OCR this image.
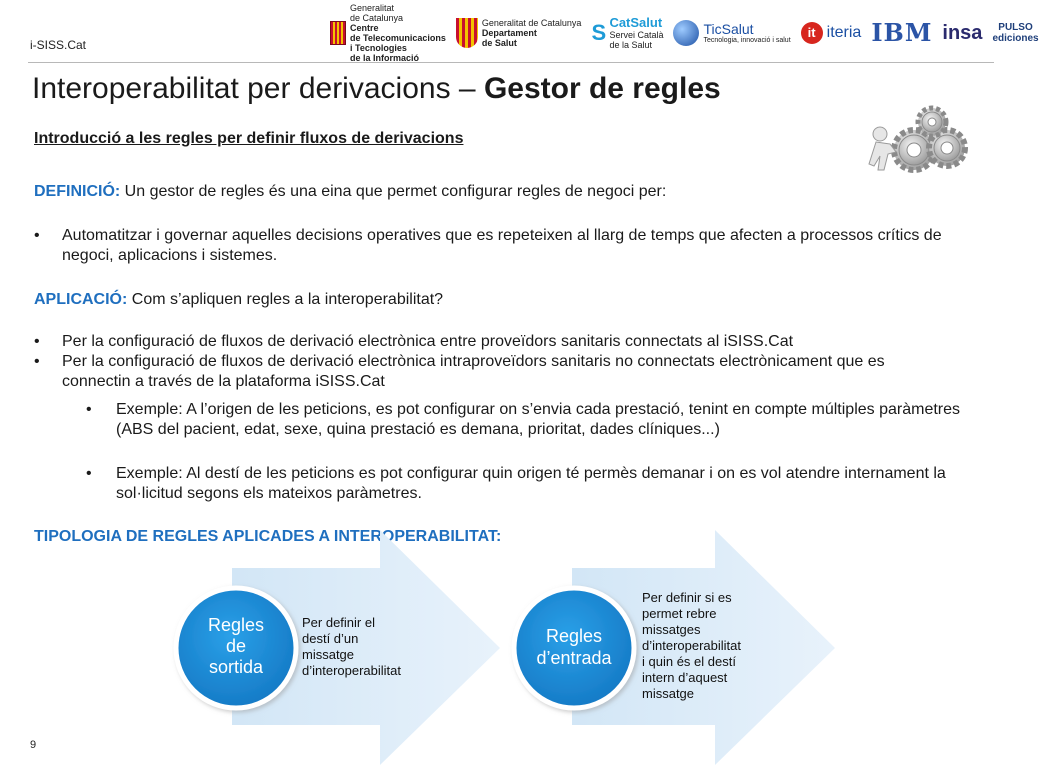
i-SISS.Cat
Generalitat
de Catalunya
Centre
de Telecomunicacions
i Tecnologies
de la Informació
Generalitat de Catalunya
Departament
de Salut	S CatSalut
Servei Català
de la Salut
TicSalut
Tecnologia, innovació i salut	it iteria IBM insa PULSO
ediciones
Interoperabilitat per derivacions – Gestor de regles
Introducció a les regles per definir fluxos de derivacions
DEFINICIÓ: Un gestor de regles és una eina que permet configurar regles de negoci per:
• Automatitzar i governar aquelles decisions operatives que es repeteixen al llarg de temps que afecten a processos crítics de negoci, aplicacions i sistemes.
APLICACIÓ: Com s’apliquen regles a la interoperabilitat?
• Per la configuració de fluxos de derivació electrònica entre proveïdors sanitaris connectats al iSISS.Cat
• Per la configuració de fluxos de derivació electrònica intraproveïdors sanitaris no connectats electrònicament que es connectin a través de la plataforma iSISS.Cat
• Exemple: A l’origen de les peticions, es pot configurar on s’envia cada prestació, tenint en compte múltiples paràmetres (ABS del pacient, edat, sexe, quina prestació es demana, prioritat, dades clíniques...)
• Exemple: Al destí de les peticions es pot configurar quin origen té permès demanar i on es vol atendre internament la sol·licitud segons els mateixos paràmetres.
TIPOLOGIA DE REGLES APLICADES A INTEROPERABILITAT:
Regles
de
sortida
Per definir el
destí d’un
missatge
d’interoperabilitat
Regles
d’entrada
Per definir si es
permet rebre
missatges
d’interoperabilitat
i quin és el destí
intern d’aquest
missatge
9
